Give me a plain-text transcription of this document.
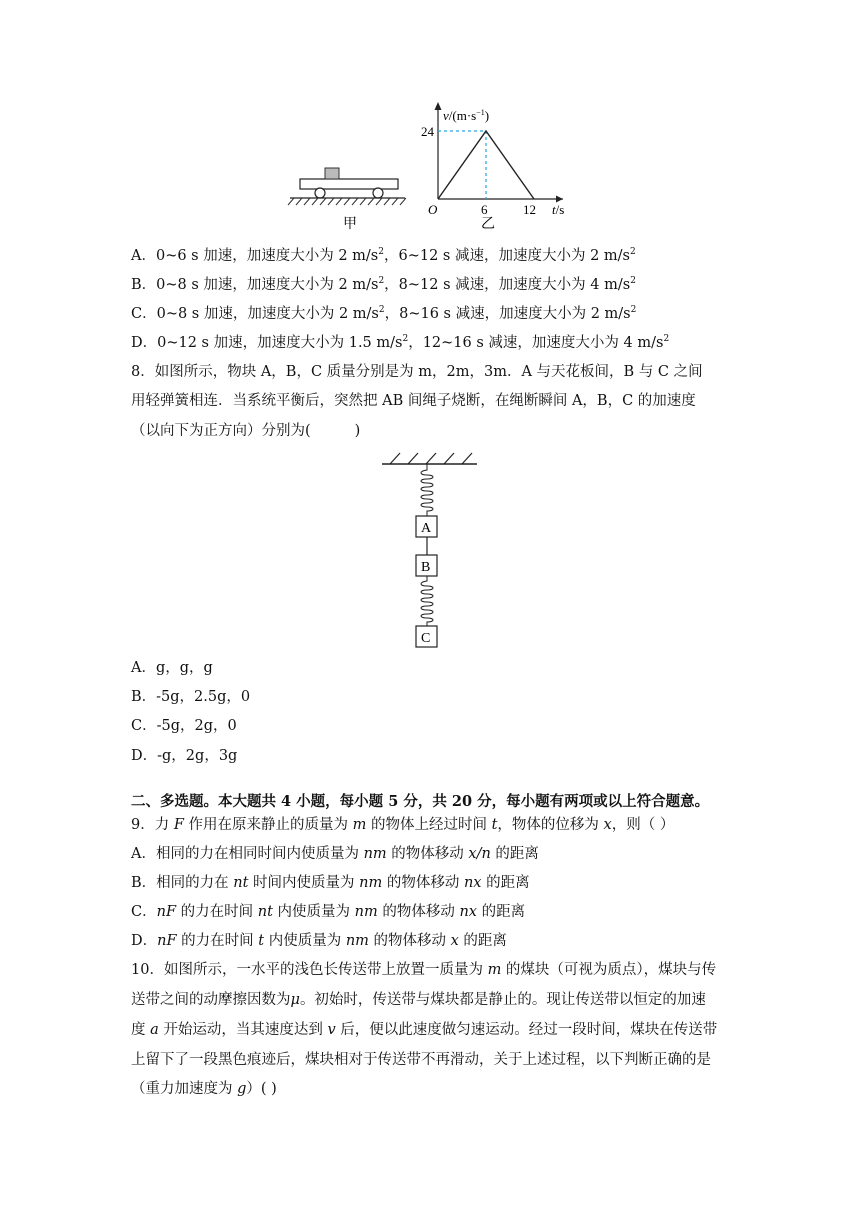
甲
$v/(m\cdot s^{-1})$
24
O	6	12 t/s
乙
A．0~6 s 加速，加速度大小为 2 $m/s^2$，6~12 s 减速，加速度大小为 2 $m/s^2$
B．0~8 s 加速，加速度大小为 2 $m/s^2$，8~12 s 减速，加速度大小为 4 $m/s^2$
C．0~8 s 加速，加速度大小为 2 $m/s^2$，8~16 s 减速，加速度大小为 2 $m/s^2$
D．0~12 s 加速，加速度大小为 1.5 $m/s^2$，12~16 s 减速，加速度大小为 4 $m/s^2$
8．如图所示，物块 A，B，C 质量分别是为 m，2m，3m．A 与天花板间，B 与 C 之间
用轻弹簧相连．当系统平衡后，突然把 AB 间绳子烧断，在绳断瞬间 A，B，C 的加速度
（以向下为正方向）分别为(	)
A
B
C
A．g，g，g
B．-5g，2.5g，0
C．-5g，2g，0
D．-g，2g，3g
二、多选题。本大题共 4 小题，每小题 5 分，共 20 分，每小题有两项或以上符合题意。
9．力 F 作用在原来静止的质量为 m 的物体上经过时间 t，物体的位移为 x，则（ ）
A．相同的力在相同时间内使质量为 nm 的物体移动 x/n 的距离
B．相同的力在 nt 时间内使质量为 nm 的物体移动 nx 的距离
C．nF 的力在时间 nt 内使质量为 nm 的物体移动 nx 的距离
D．nF 的力在时间 t 内使质量为 nm 的物体移动 x 的距离
10．如图所示，一水平的浅色长传送带上放置一质量为 m 的煤块（可视为质点），煤块与传
送带之间的动摩擦因数为μ。初始时，传送带与煤块都是静止的。现让传送带以恒定的加速
度 a 开始运动，当其速度达到 v 后，便以此速度做匀速运动。经过一段时间，煤块在传送带
上留下了一段黑色痕迹后，煤块相对于传送带不再滑动，关于上述过程，以下判断正确的是
（重力加速度为 g）( )
